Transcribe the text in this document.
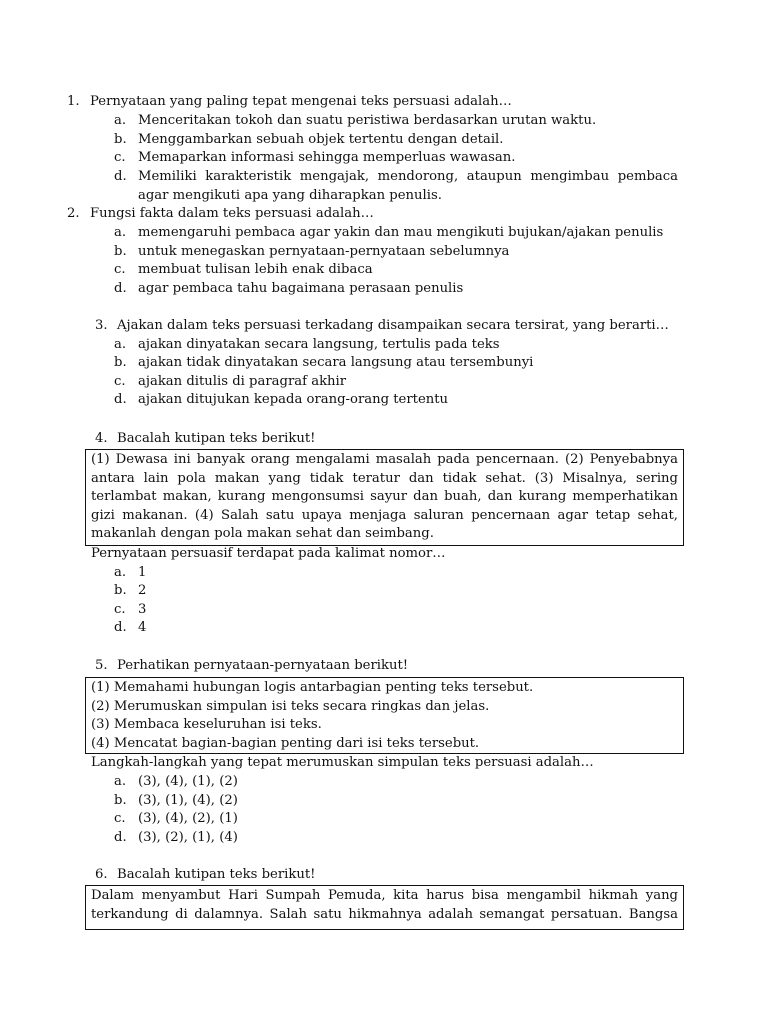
1. Pernyataan yang paling tepat mengenai teks persuasi adalah…
a. Menceritakan tokoh dan suatu peristiwa berdasarkan urutan waktu.
b. Menggambarkan sebuah objek tertentu dengan detail.
c. Memaparkan informasi sehingga memperluas wawasan.
d. Memiliki karakteristik mengajak, mendorong, ataupun mengimbau pembaca agar mengikuti apa yang diharapkan penulis.
2. Fungsi fakta dalam teks persuasi adalah…
a. memengaruhi pembaca agar yakin dan mau mengikuti bujukan/ajakan penulis
b. untuk menegaskan pernyataan-pernyataan sebelumnya
c. membuat tulisan lebih enak dibaca
d. agar pembaca tahu bagaimana perasaan penulis
3. Ajakan dalam teks persuasi terkadang disampaikan secara tersirat, yang berarti…
a. ajakan dinyatakan secara langsung, tertulis pada teks
b. ajakan tidak dinyatakan secara langsung atau tersembunyi
c. ajakan ditulis di paragraf akhir
d. ajakan ditujukan kepada orang-orang tertentu
4. Bacalah kutipan teks berikut!

(1) Dewasa ini banyak orang mengalami masalah pada pencernaan. (2) Penyebabnya

antara lain pola makan yang tidak teratur dan tidak sehat. (3) Misalnya, sering

terlambat makan, kurang mengonsumsi sayur dan buah, dan kurang memperhatikan

gizi makanan. (4) Salah satu upaya menjaga saluran pencernaan agar tetap sehat,

makanlah dengan pola makan sehat dan seimbang.

Pernyataan persuasif terdapat pada kalimat nomor…
a. 1
b. 2
c. 3
d. 4
5. Perhatikan pernyataan-pernyataan berikut!
(1) Memahami hubungan logis antarbagian penting teks tersebut.
(2) Merumuskan simpulan isi teks secara ringkas dan jelas.
(3) Membaca keseluruhan isi teks.
(4) Mencatat bagian-bagian penting dari isi teks tersebut.
Langkah-langkah yang tepat merumuskan simpulan teks persuasi adalah…
a. (3), (4), (1), (2)
b. (3), (1), (4), (2)
c. (3), (4), (2), (1)
d. (3), (2), (1), (4)
6. Bacalah kutipan teks berikut!

Dalam menyambut Hari Sumpah Pemuda, kita harus bisa mengambil hikmah yang

terkandung di dalamnya. Salah satu hikmahnya adalah semangat persatuan. Bangsa
